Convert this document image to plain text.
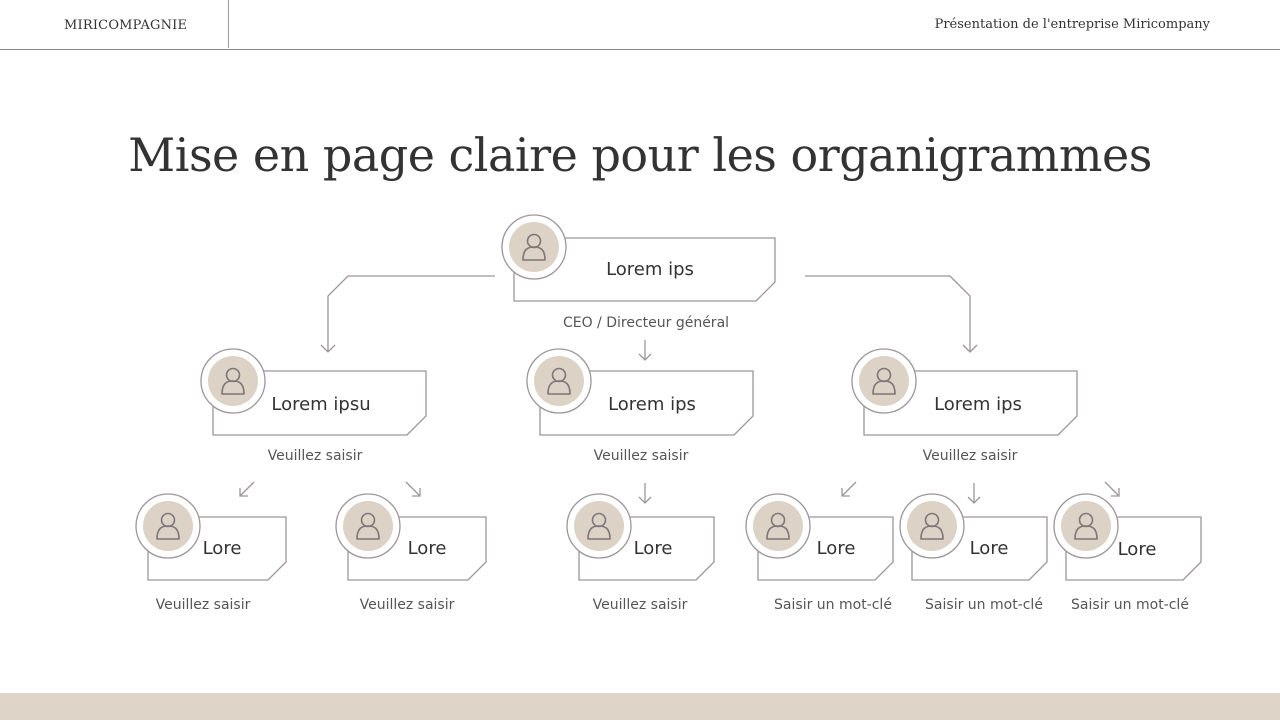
MIRICOMPAGNIE	Présentation de l'entreprise Miricompany
Mise en page claire pour les organigrammes
Lorem ips
CEO / Directeur général
Lorem ipsu
Veuillez saisir
Lorem ips
Veuillez saisir
Lorem ips
Veuillez saisir
Lore
Veuillez saisir
Lore
Veuillez saisir
Lore
Veuillez saisir
Lore
Saisir un mot-clé
Lore
Saisir un mot-clé
Lore
Saisir un mot-clé
